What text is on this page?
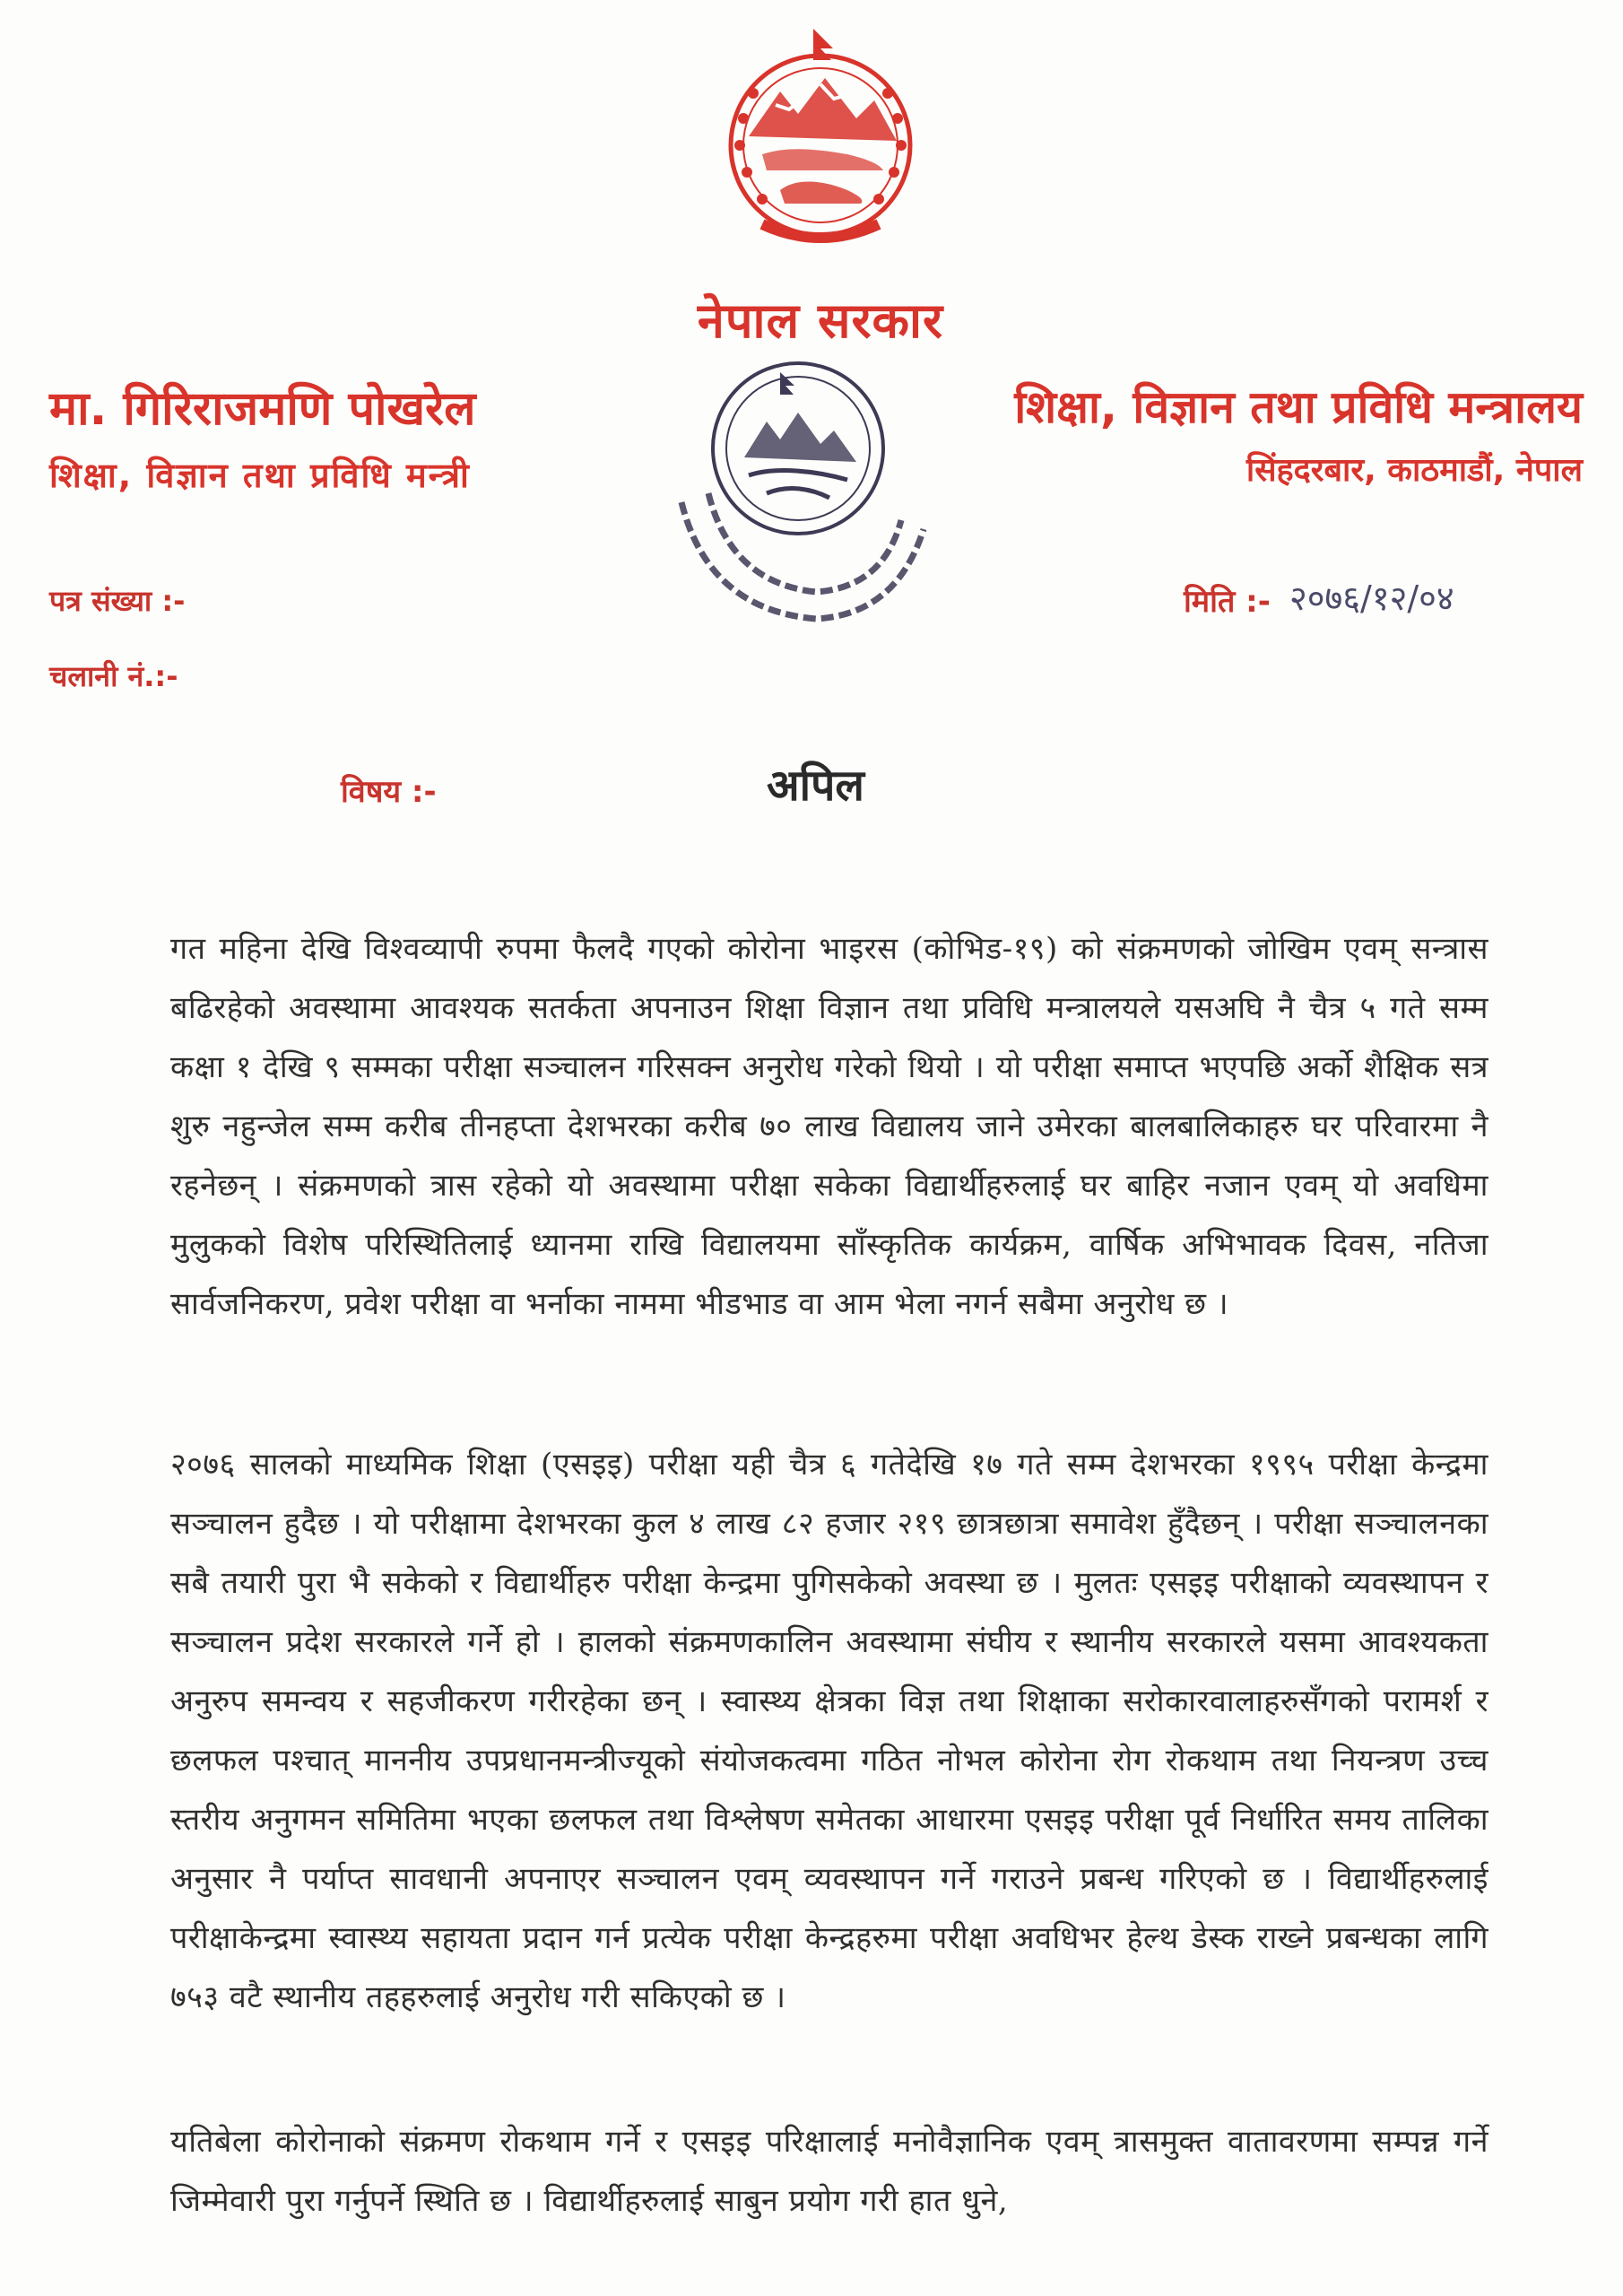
नेपाल सरकार
मा. गिरिराजमणि पोखरेल
शिक्षा, विज्ञान तथा प्रविधि मन्त्री
शिक्षा, विज्ञान तथा प्रविधि मन्त्रालय
सिंहदरबार, काठमाडौं, नेपाल
पत्र संख्या :-
चलानी नं.:-
मिति :- २०७६/१२/०४
विषय :-	अपिल
गत महिना देखि विश्वव्यापी रुपमा फैलदै गएको कोरोना भाइरस (कोभिड-१९) को संक्रमणको जोखिम एवम् सन्त्रास बढिरहेको अवस्थामा आवश्यक सतर्कता अपनाउन शिक्षा विज्ञान तथा प्रविधि मन्त्रालयले यसअघि नै चैत्र ५ गते सम्म कक्षा १ देखि ९ सम्मका परीक्षा सञ्चालन गरिसक्न अनुरोध गरेको थियो । यो परीक्षा समाप्त भएपछि अर्को शैक्षिक सत्र शुरु नहुन्जेल सम्म करीब तीनहप्ता देशभरका करीब ७० लाख विद्यालय जाने उमेरका बालबालिकाहरु घर परिवारमा नै रहनेछन् । संक्रमणको त्रास रहेको यो अवस्थामा परीक्षा सकेका विद्यार्थीहरुलाई घर बाहिर नजान एवम् यो अवधिमा मुलुकको विशेष परिस्थितिलाई ध्यानमा राखि विद्यालयमा साँस्कृतिक कार्यक्रम, वार्षिक अभिभावक दिवस, नतिजा सार्वजनिकरण, प्रवेश परीक्षा वा भर्नाका नाममा भीडभाड वा आम भेला नगर्न सबैमा अनुरोध छ ।
२०७६ सालको माध्यमिक शिक्षा (एसइइ) परीक्षा यही चैत्र ६ गतेदेखि १७ गते सम्म देशभरका १९९५ परीक्षा केन्द्रमा सञ्चालन हुदैछ । यो परीक्षामा देशभरका कुल ४ लाख ८२ हजार २१९ छात्रछात्रा समावेश हुँदैछन् । परीक्षा सञ्चालनका सबै तयारी पुरा भै सकेको र विद्यार्थीहरु परीक्षा केन्द्रमा पुगिसकेको अवस्था छ । मुलतः एसइइ परीक्षाको व्यवस्थापन र सञ्चालन प्रदेश सरकारले गर्ने हो । हालको संक्रमणकालिन अवस्थामा संघीय र स्थानीय सरकारले यसमा आवश्यकता अनुरुप समन्वय र सहजीकरण गरीरहेका छन् । स्वास्थ्य क्षेत्रका विज्ञ तथा शिक्षाका सरोकारवालाहरुसँगको परामर्श र छलफल पश्चात् माननीय उपप्रधानमन्त्रीज्यूको संयोजकत्वमा गठित नोभल कोरोना रोग रोकथाम तथा नियन्त्रण उच्च स्तरीय अनुगमन समितिमा भएका छलफल तथा विश्लेषण समेतका आधारमा एसइइ परीक्षा पूर्व निर्धारित समय तालिका अनुसार नै पर्याप्त सावधानी अपनाएर सञ्चालन एवम् व्यवस्थापन गर्ने गराउने प्रबन्ध गरिएको छ । विद्यार्थीहरुलाई परीक्षाकेन्द्रमा स्वास्थ्य सहायता प्रदान गर्न प्रत्येक परीक्षा केन्द्रहरुमा परीक्षा अवधिभर हेल्थ डेस्क राख्ने प्रबन्धका लागि ७५३ वटै स्थानीय तहहरुलाई अनुरोध गरी सकिएको छ ।
यतिबेला कोरोनाको संक्रमण रोकथाम गर्ने र एसइइ परिक्षालाई मनोवैज्ञानिक एवम् त्रासमुक्त वातावरणमा सम्पन्न गर्ने जिम्मेवारी पुरा गर्नुपर्ने स्थिति छ । विद्यार्थीहरुलाई साबुन प्रयोग गरी हात धुने,
